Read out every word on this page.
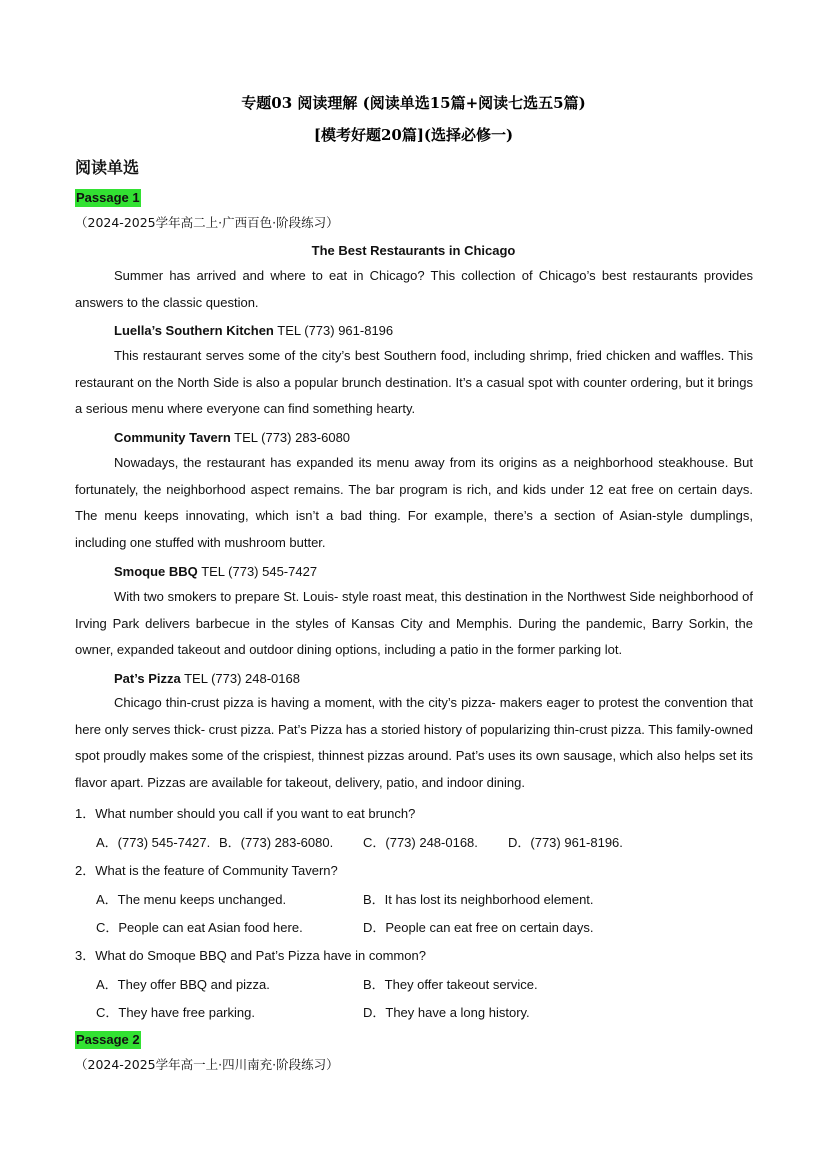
专题03 阅读理解 (阅读单选15篇+阅读七选五5篇)
[模考好题20篇](选择必修一)
阅读单选
Passage 1
（2024-2025学年高二上·广西百色·阶段练习）
The Best Restaurants in Chicago

Summer has arrived and where to eat in Chicago? This collection of Chicago’s best restaurants provides answers to the classic question.

Luella’s Southern Kitchen TEL (773) 961-8196

This restaurant serves some of the city’s best Southern food, including shrimp, fried chicken and waffles. This restaurant on the North Side is also a popular brunch destination. It’s a casual spot with counter ordering, but it brings a serious menu where everyone can find something hearty.

Community Tavern TEL (773) 283-6080

Nowadays, the restaurant has expanded its menu away from its origins as a neighborhood steakhouse. But fortunately, the neighborhood aspect remains. The bar program is rich, and kids under 12 eat free on certain days. The menu keeps innovating, which isn’t a bad thing. For example, there’s a section of Asian-style dumplings, including one stuffed with mushroom butter.

Smoque BBQ TEL (773) 545-7427

With two smokers to prepare St. Louis- style roast meat, this destination in the Northwest Side neighborhood of Irving Park delivers barbecue in the styles of Kansas City and Memphis. During the pandemic, Barry Sorkin, the owner, expanded takeout and outdoor dining options, including a patio in the former parking lot.

Pat’s Pizza TEL (773) 248-0168

Chicago thin-crust pizza is having a moment, with the city’s pizza- makers eager to protest the convention that here only serves thick- crust pizza. Pat’s Pizza has a storied history of popularizing thin-crust pizza. This family-owned spot proudly makes some of the crispiest, thinnest pizzas around. Pat’s uses its own sausage, which also helps set its flavor apart. Pizzas are available for takeout, delivery, patio, and indoor dining.

1．What number should you call if you want to eat brunch?
A．(773) 545-7427. B．(773) 283-6080. C．(773) 248-0168. D．(773) 961-8196.
2．What is the feature of Community Tavern?
A．The menu keeps unchanged.	B．It has lost its neighborhood element.
C．People can eat Asian food here.	D．People can eat free on certain days.
3．What do Smoque BBQ and Pat’s Pizza have in common?
A．They offer BBQ and pizza.	B．They offer takeout service.
C．They have free parking.	D．They have a long history.
Passage 2
（2024-2025学年高一上·四川南充·阶段练习）
